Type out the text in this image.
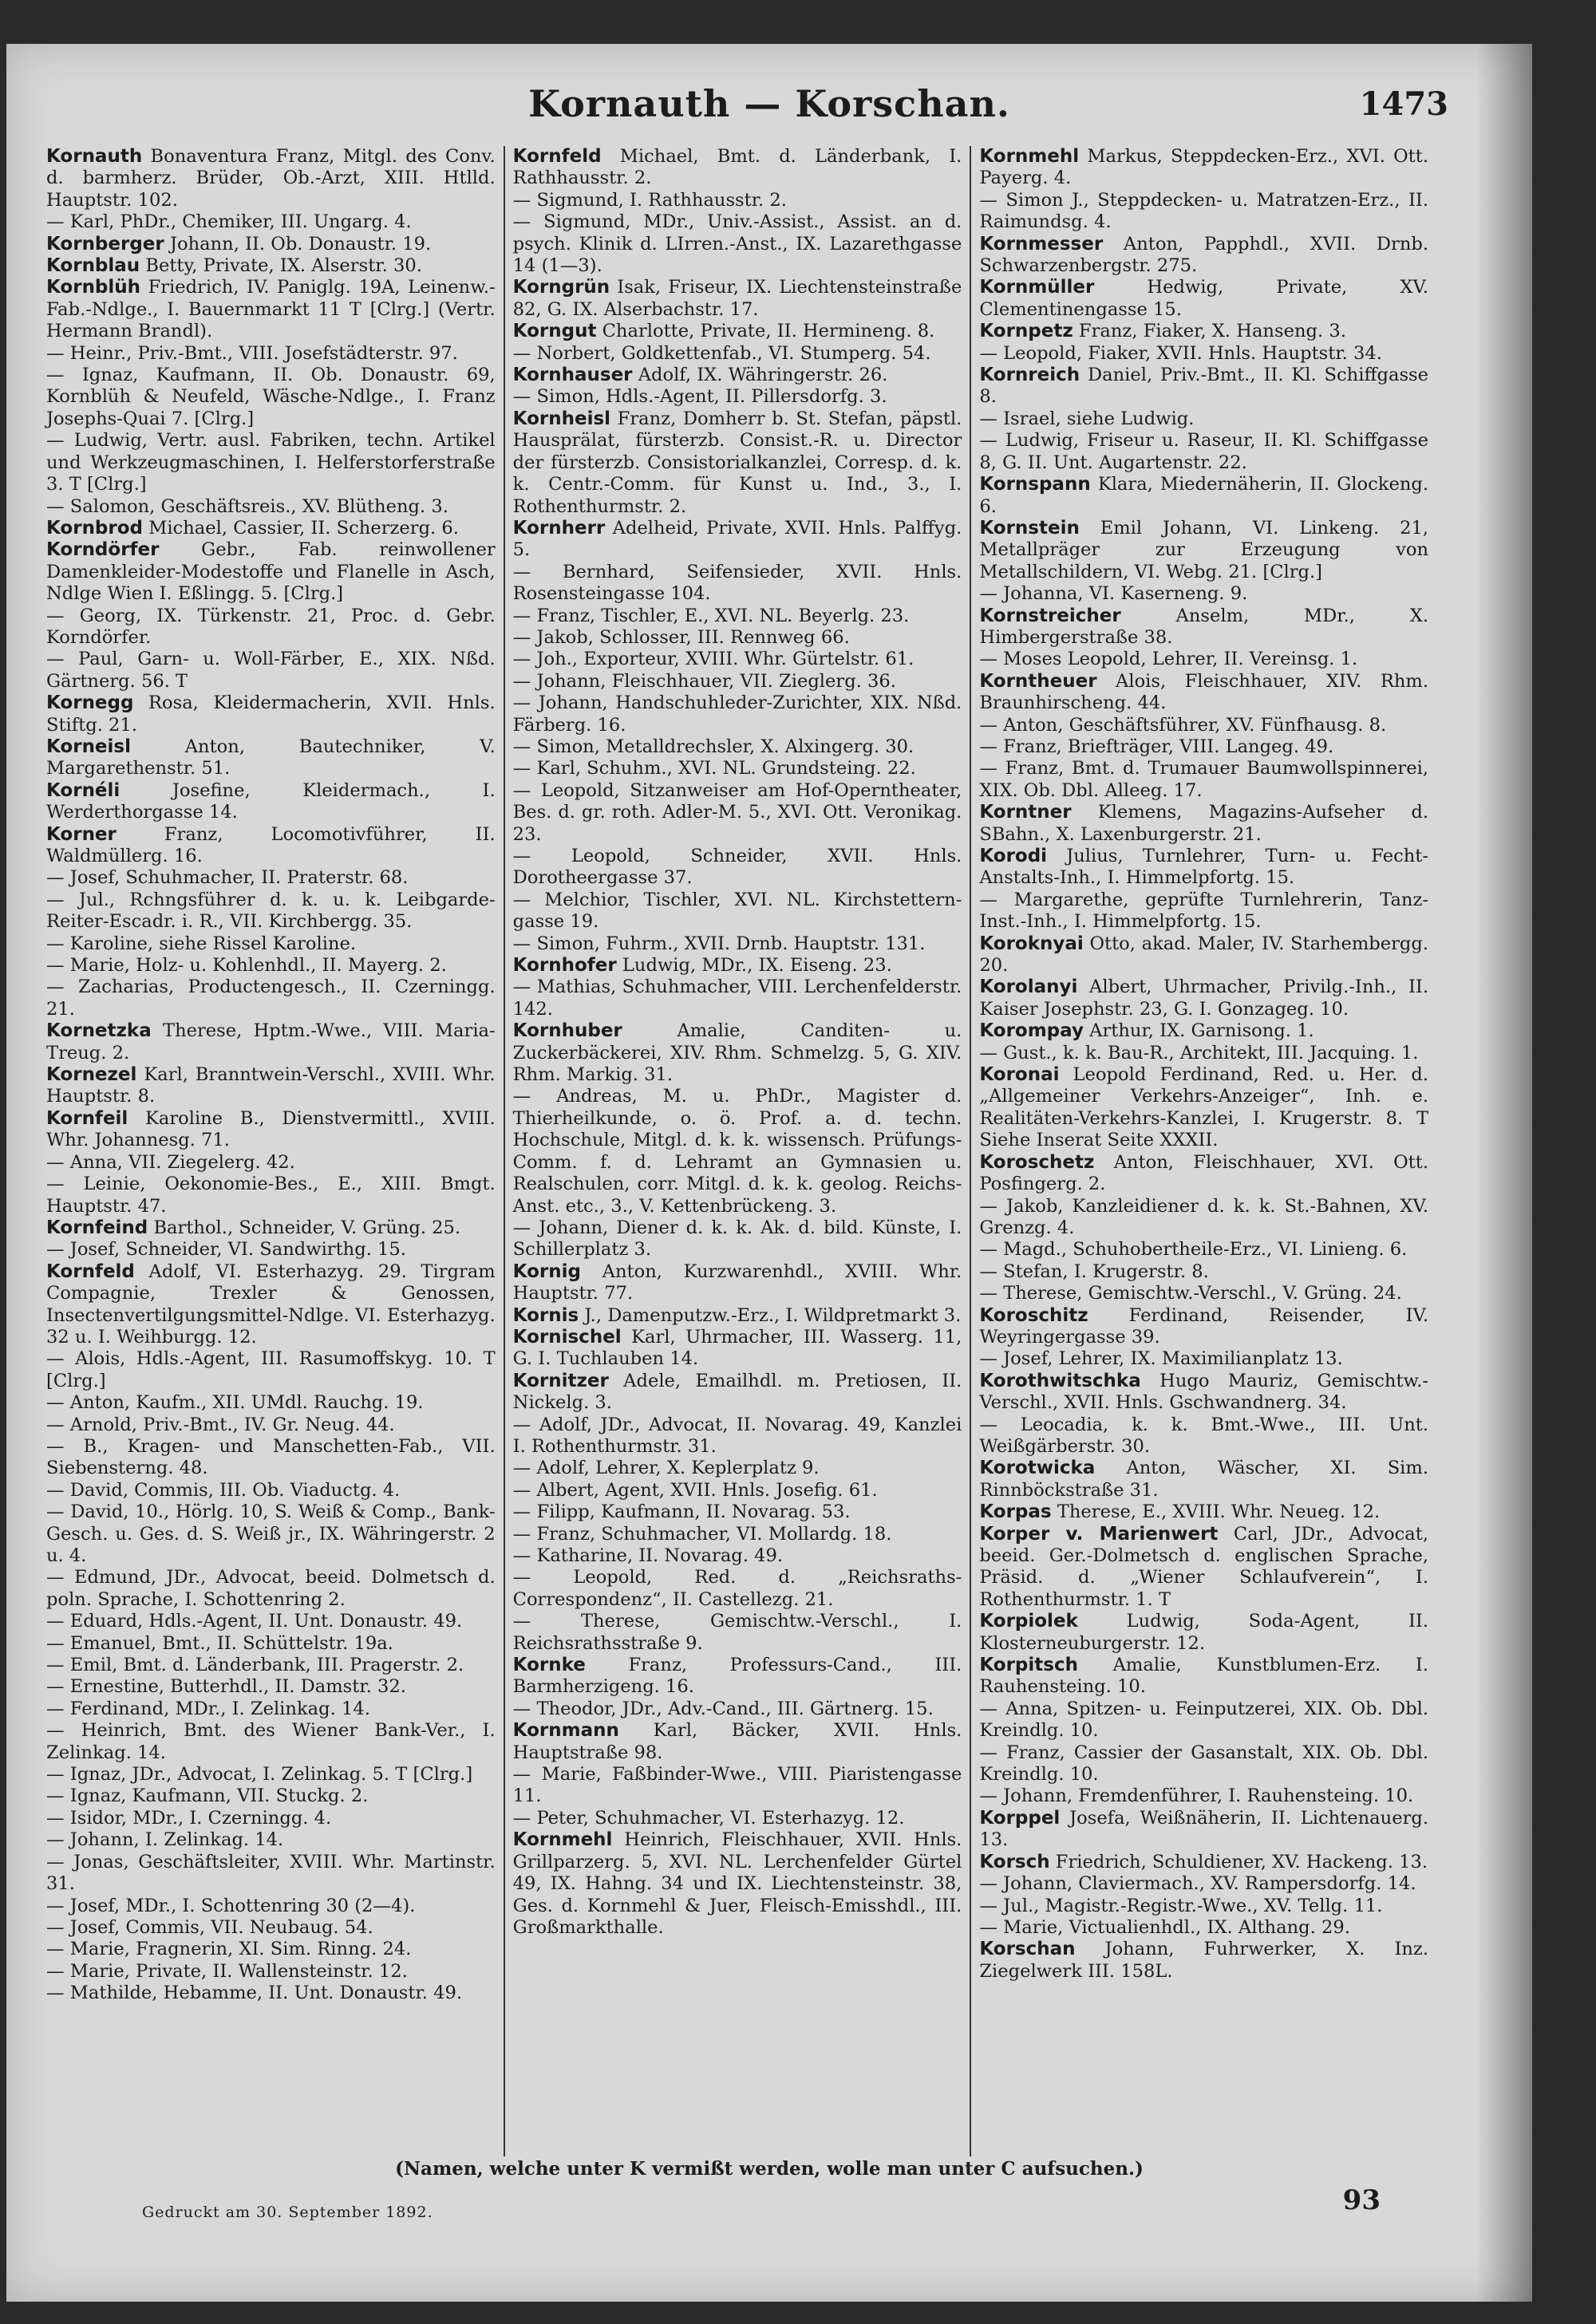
Kornauth — Korschan.	1473

Kornauth Bonaventura Franz, Mitgl. des Conv. d. barmherz. Brüder, Ob.-Arzt, XIII. Htlld. Hauptstr. 102.

— Karl, PhDr., Chemiker, III. Ungarg. 4.

Kornberger Johann, II. Ob. Donaustr. 19.

Kornblau Betty, Private, IX. Alserstr. 30.

Kornblüh Friedrich, IV. Paniglg. 19A, Leinenw.-Fab.-Ndlge., I. Bauernmarkt 11 T [Clrg.] (Vertr. Hermann Brandl).

— Heinr., Priv.-Bmt., VIII. Josefstädterstr. 97.

— Ignaz, Kaufmann, II. Ob. Donaustr. 69, Kornblüh & Neufeld, Wäsche-Ndlge., I. Franz Josephs-Quai 7. [Clrg.]

— Ludwig, Vertr. ausl. Fabriken, techn. Artikel und Werkzeugmaschinen, I. Helferstorferstraße 3. T [Clrg.]

— Salomon, Geschäftsreis., XV. Blütheng. 3.

Kornbrod Michael, Cassier, II. Scherzerg. 6.

Korndörfer Gebr., Fab. reinwollener Damenkleider-Modestoffe und Flanelle in Asch, Ndlge Wien I. Eßlingg. 5. [Clrg.]

— Georg, IX. Türkenstr. 21, Proc. d. Gebr. Korndörfer.

— Paul, Garn- u. Woll-Färber, E., XIX. Nßd. Gärtnerg. 56. T

Kornegg Rosa, Kleidermacherin, XVII. Hnls. Stiftg. 21.

Korneisl	Anton, Bautechniker, V. Margarethenstr. 51.

Kornéli	Josefine, Kleidermach., I. Werderthorgasse 14.

Korner	Franz, Locomotivführer, II. Waldmüllerg. 16.

— Josef, Schuhmacher, II. Praterstr. 68.

— Jul., Rchngsführer d. k. u. k. Leibgarde-Reiter-Escadr. i. R., VII. Kirchbergg. 35.

— Karoline, siehe Rissel Karoline.

— Marie, Holz- u. Kohlenhdl., II. Mayerg. 2.

— Zacharias, Productengesch., II. Czerningg. 21.

Kornetzka Therese, Hptm.-Wwe., VIII. Maria-Treug. 2.

Kornezel Karl, Branntwein-Verschl., XVIII. Whr. Hauptstr. 8.

Kornfeil Karoline B., Dienstvermittl., XVIII. Whr. Johannesg. 71.

— Anna, VII. Ziegelerg. 42.

— Leinie, Oekonomie-Bes., E., XIII. Bmgt. Hauptstr. 47.

Kornfeind Barthol., Schneider, V. Grüng. 25.

— Josef, Schneider, VI. Sandwirthg. 15.

Kornfeld Adolf, VI. Esterhazyg. 29. Tirgram Compagnie, Trexler & Genossen, Insectenvertilgungsmittel-Ndlge. VI. Esterhazyg. 32 u. I. Weihburgg. 12.

— Alois, Hdls.-Agent, III. Rasumoffskyg. 10. T [Clrg.]

— Anton, Kaufm., XII. UMdl. Rauchg. 19.

— Arnold, Priv.-Bmt., IV. Gr. Neug. 44.

— B., Kragen- und Manschetten-Fab., VII. Siebensterng. 48.

— David, Commis, III. Ob. Viaductg. 4.

— David, 10., Hörlg. 10, S. Weiß & Comp., Bank-Gesch. u. Ges. d. S. Weiß jr., IX. Währingerstr. 2 u. 4.

— Edmund, JDr., Advocat, beeid. Dolmetsch d. poln. Sprache, I. Schottenring 2.

— Eduard, Hdls.-Agent, II. Unt. Donaustr. 49.

— Emanuel, Bmt., II. Schüttelstr. 19a.

— Emil, Bmt. d. Länderbank, III. Pragerstr. 2.

— Ernestine, Butterhdl., II. Damstr. 32.

— Ferdinand, MDr., I. Zelinkag. 14.

— Heinrich, Bmt. des Wiener Bank-Ver., I. Zelinkag. 14.

— Ignaz, JDr., Advocat, I. Zelinkag. 5. T [Clrg.]

— Ignaz, Kaufmann, VII. Stuckg. 2.

— Isidor, MDr., I. Czerningg. 4.

— Johann, I. Zelinkag. 14.

— Jonas, Geschäftsleiter, XVIII. Whr. Martinstr. 31.

— Josef, MDr., I. Schottenring 30 (2—4).

— Josef, Commis, VII. Neubaug. 54.

— Marie, Fragnerin, XI. Sim. Rinng. 24.

— Marie, Private, II. Wallensteinstr. 12.

— Mathilde, Hebamme, II. Unt. Donaustr. 49.

Kornfeld Michael, Bmt. d. Länderbank, I. Rathhausstr. 2.

— Sigmund, I. Rathhausstr. 2.

— Sigmund, MDr., Univ.-Assist., Assist. an d. psych. Klinik d. LIrren.-Anst., IX. Lazarethgasse 14 (1—3).

Korngrün Isak, Friseur, IX. Liechtensteinstraße 82, G. IX. Alserbachstr. 17.

Korngut Charlotte, Private, II. Hermineng. 8.

— Norbert, Goldkettenfab., VI. Stumperg. 54.

Kornhauser Adolf, IX. Währingerstr. 26.

— Simon, Hdls.-Agent, II. Pillersdorfg. 3.

Kornheisl Franz, Domherr b. St. Stefan, päpstl. Hausprälat, fürsterzb. Consist.-R. u. Director der fürsterzb. Consistorialkanzlei, Corresp. d. k. k. Centr.-Comm. für Kunst u. Ind., 3., I. Rothenthurmstr. 2.

Kornherr Adelheid, Private, XVII. Hnls. Palffyg. 5.

— Bernhard, Seifensieder, XVII. Hnls. Rosensteingasse 104.

— Franz, Tischler, E., XVI. NL. Beyerlg. 23.

— Jakob, Schlosser, III. Rennweg 66.

— Joh., Exporteur, XVIII. Whr. Gürtelstr. 61.

— Johann, Fleischhauer, VII. Zieglerg. 36.

— Johann, Handschuhleder-Zurichter, XIX. Nßd. Färberg. 16.

— Simon, Metalldrechsler, X. Alxingerg. 30.

— Karl, Schuhm., XVI. NL. Grundsteing. 22.

— Leopold, Sitzanweiser am Hof-Operntheater, Bes. d. gr. roth. Adler-M. 5., XVI. Ott. Veronikag. 23.

— Leopold, Schneider, XVII. Hnls. Dorotheergasse 37.

— Melchior, Tischler, XVI. NL. Kirchstettern-gasse 19.

— Simon, Fuhrm., XVII. Drnb. Hauptstr. 131.

Kornhofer Ludwig, MDr., IX. Eiseng. 23.

— Mathias, Schuhmacher, VIII. Lerchenfelderstr. 142.

Kornhuber	Amalie, Canditen- u. Zuckerbäckerei, XIV. Rhm. Schmelzg. 5, G. XIV. Rhm. Markig. 31.

— Andreas, M. u. PhDr., Magister d. Thierheilkunde, o. ö. Prof. a. d. techn. Hochschule, Mitgl. d. k. k. wissensch. Prüfungs-Comm. f. d. Lehramt an Gymnasien u. Realschulen, corr. Mitgl. d. k. k. geolog. Reichs-Anst. etc., 3., V. Kettenbrückeng. 3.

— Johann, Diener d. k. k. Ak. d. bild. Künste, I. Schillerplatz 3.

Kornig Anton, Kurzwarenhdl., XVIII. Whr. Hauptstr. 77.

Kornis J., Damenputzw.-Erz., I. Wildpretmarkt 3.

Kornischel Karl, Uhrmacher, III. Wasserg. 11, G. I. Tuchlauben 14.

Kornitzer Adele, Emailhdl. m. Pretiosen, II. Nickelg. 3.

— Adolf, JDr., Advocat, II. Novarag. 49, Kanzlei I. Rothenthurmstr. 31.

— Adolf, Lehrer, X. Keplerplatz 9.

— Albert, Agent, XVII. Hnls. Josefig. 61.

— Filipp, Kaufmann, II. Novarag. 53.

— Franz, Schuhmacher, VI. Mollardg. 18.

— Katharine, II. Novarag. 49.

— Leopold, Red. d. „Reichsraths-Correspondenz“, II. Castellezg. 21.

— Therese, Gemischtw.-Verschl., I. Reichsrathsstraße 9.

Kornke Franz, Professurs-Cand., III. Barmherzigeng. 16.

— Theodor, JDr., Adv.-Cand., III. Gärtnerg. 15.

Kornmann Karl, Bäcker, XVII. Hnls. Hauptstraße 98.

— Marie, Faßbinder-Wwe., VIII. Piaristengasse 11.

— Peter, Schuhmacher, VI. Esterhazyg. 12.

Kornmehl Heinrich, Fleischhauer, XVII. Hnls. Grillparzerg. 5, XVI. NL. Lerchenfelder Gürtel 49, IX. Hahng. 34 und IX. Liechtensteinstr. 38, Ges. d. Kornmehl & Juer, Fleisch-Emisshdl., III. Großmarkthalle.

Kornmehl Markus, Steppdecken-Erz., XVI. Ott. Payerg. 4.

— Simon J., Steppdecken- u. Matratzen-Erz., II. Raimundsg. 4.

Kornmesser Anton, Papphdl., XVII. Drnb. Schwarzenbergstr. 275.

Kornmüller	Hedwig, Private, XV. Clementinengasse 15.

Kornpetz Franz, Fiaker, X. Hanseng. 3.

— Leopold, Fiaker, XVII. Hnls. Hauptstr. 34.

Kornreich Daniel, Priv.-Bmt., II. Kl. Schiffgasse 8.

— Israel, siehe Ludwig.

— Ludwig, Friseur u. Raseur, II. Kl. Schiffgasse 8, G. II. Unt. Augartenstr. 22.

Kornspann Klara, Miedernäherin, II. Glockeng. 6.

Kornstein Emil Johann, VI. Linkeng. 21, Metallpräger zur Erzeugung von Metallschildern, VI. Webg. 21. [Clrg.]

— Johanna, VI. Kaserneng. 9.

Kornstreicher	Anselm, MDr., X. Himbergerstraße 38.

— Moses Leopold, Lehrer, II. Vereinsg. 1.

Korntheuer Alois, Fleischhauer, XIV. Rhm. Braunhirscheng. 44.

— Anton, Geschäftsführer, XV. Fünfhausg. 8.

— Franz, Briefträger, VIII. Langeg. 49.

— Franz, Bmt. d. Trumauer Baumwollspinnerei, XIX. Ob. Dbl. Alleeg. 17.

Korntner Klemens, Magazins-Aufseher d. SBahn., X. Laxenburgerstr. 21.

Korodi Julius, Turnlehrer, Turn- u. Fecht-Anstalts-Inh., I. Himmelpfortg. 15.

— Margarethe, geprüfte Turnlehrerin, Tanz-Inst.-Inh., I. Himmelpfortg. 15.

Koroknyai Otto, akad. Maler, IV. Starhembergg. 20.

Korolanyi Albert, Uhrmacher, Privilg.-Inh., II. Kaiser Josephstr. 23, G. I. Gonzageg. 10.

Korompay Arthur, IX. Garnisong. 1.

— Gust., k. k. Bau-R., Architekt, III. Jacquing. 1.

Koronai Leopold Ferdinand, Red. u. Her. d. „Allgemeiner Verkehrs-Anzeiger“, Inh. e. Realitäten-Verkehrs-Kanzlei, I. Krugerstr. 8. T Siehe Inserat Seite XXXII.

Koroschetz Anton, Fleischhauer, XVI. Ott. Posfingerg. 2.

— Jakob, Kanzleidiener d. k. k. St.-Bahnen, XV. Grenzg. 4.

— Magd., Schuhobertheile-Erz., VI. Linieng. 6.

— Stefan, I. Krugerstr. 8.

— Therese, Gemischtw.-Verschl., V. Grüng. 24.

Koroschitz Ferdinand, Reisender, IV. Weyringergasse 39.

— Josef, Lehrer, IX. Maximilianplatz 13.

Korothwitschka Hugo Mauriz, Gemischtw.-Verschl., XVII. Hnls. Gschwandnerg. 34.

— Leocadia, k. k. Bmt.-Wwe., III. Unt. Weißgärberstr. 30.

Korotwicka Anton, Wäscher, XI. Sim. Rinnböckstraße 31.

Korpas Therese, E., XVIII. Whr. Neueg. 12.

Korper v. Marienwert Carl, JDr., Advocat, beeid. Ger.-Dolmetsch d. englischen Sprache, Präsid. d. „Wiener Schlaufverein“, I. Rothenthurmstr. 1. T

Korpiolek	Ludwig, Soda-Agent, II. Klosterneuburgerstr. 12.

Korpitsch Amalie, Kunstblumen-Erz. I. Rauhensteing. 10.

— Anna, Spitzen- u. Feinputzerei, XIX. Ob. Dbl. Kreindlg. 10.

— Franz, Cassier der Gasanstalt, XIX. Ob. Dbl. Kreindlg. 10.

— Johann, Fremdenführer, I. Rauhensteing. 10.

Korppel Josefa, Weißnäherin, II. Lichtenauerg. 13.

Korsch Friedrich, Schuldiener, XV. Hackeng. 13.

— Johann, Claviermach., XV. Rampersdorfg. 14.

— Jul., Magistr.-Registr.-Wwe., XV. Tellg. 11.

— Marie, Victualienhdl., IX. Althang. 29.

Korschan Johann, Fuhrwerker, X. Inz. Ziegelwerk III. 158L.

(Namen, welche unter K vermißt werden, wolle man unter C aufsuchen.)
Gedruckt am 30. September 1892.	93
